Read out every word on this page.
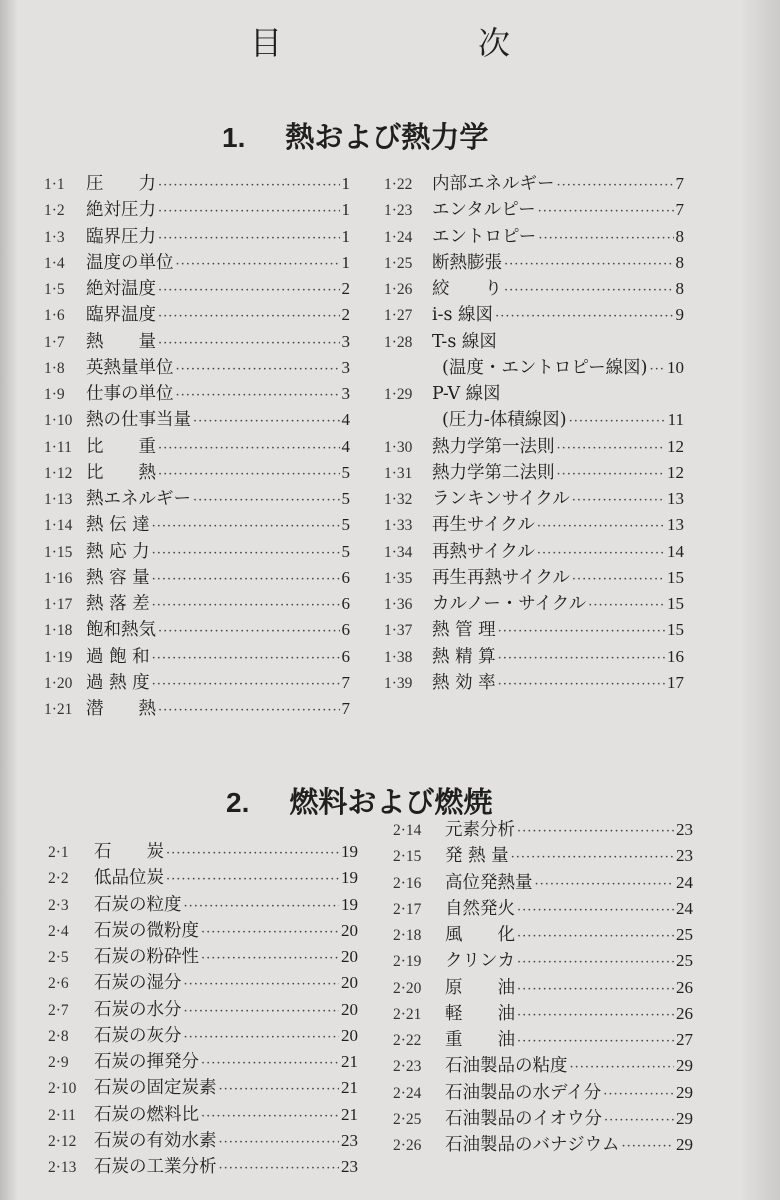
目	次
1. 熱および熱力学
1·1	圧　　力 ·····	1
1·2	絶対圧力 ·····	1
1·3	臨界圧力 ·····	1
1·4	温度の単位 ·····	1
1·5	絶対温度 ·····	2
1·6	臨界温度 ·····	2
1·7	熱　　量 ·····	3
1·8	英熱量単位 ·····	3
1·9	仕事の単位 ·····	3
1·10 熱の仕事当量 ·····	4
1·11 比　　重 ·····	4
1·12 比　　熱 ·····	5
1·13 熱エネルギー ·····	5
1·14 熱 伝 達 ·····	5
1·15 熱 応 力 ·····	5
1·16 熱 容 量 ·····	6
1·17 熱 落 差 ·····	6
1·18 飽和熱気 ·····	6
1·19 過 飽 和 ·····	6
1·20 過 熱 度 ·····	7
1·21 潜　　熱 ·····	7
1·22	内部エネルギー ·····	7
1·23	エンタルピー ·····	7
1·24	エントロピー ·····	8
1·25	断熱膨張 ·····	8
1·26	絞　　り ·····	8
1·27	i-s 線図 ·····	9
1·28	T-s 線図
(温度・エントロピー線図) ····· 10
1·29	P-V 線図
(圧力-体積線図) ·····	11
1·30	熱力学第一法則 ·····	12
1·31	熱力学第二法則 ·····	12
1·32	ランキンサイクル ·····	13
1·33	再生サイクル ·····	13
1·34	再熱サイクル ·····	14
1·35	再生再熱サイクル ·····	15
1·36	カルノー・サイクル ·····	15
1·37	熱 管 理 ·····	15
1·38	熱 精 算 ·····	16
1·39	熱 効 率 ·····	17
2. 燃料および燃焼
2·1	石　　炭 ·····	19
2·2	低品位炭 ·····	19
2·3	石炭の粒度 ·····	19
2·4	石炭の微粉度 ·····	20
2·5	石炭の粉砕性 ·····	20
2·6	石炭の湿分 ·····	20
2·7	石炭の水分 ·····	20
2·8	石炭の灰分 ·····	20
2·9	石炭の揮発分 ·····	21
2·10	石炭の固定炭素 ·····	21
2·11	石炭の燃料比 ·····	21
2·12	石炭の有効水素 ·····	23
2·13	石炭の工業分析 ·····	23
2·14	元素分析 ·····	23
2·15	発 熱 量 ·····	23
2·16	高位発熱量 ·····	24
2·17	自然発火 ·····	24
2·18	風　　化 ·····	25
2·19	クリンカ ·····	25
2·20	原　　油 ·····	26
2·21	軽　　油 ·····	26
2·22	重　　油 ·····	27
2·23	石油製品の粘度 ·····	29
2·24	石油製品の水デイ分 ·····	29
2·25	石油製品のイオウ分 ·····	29
2·26	石油製品のバナジウム ·····	29
